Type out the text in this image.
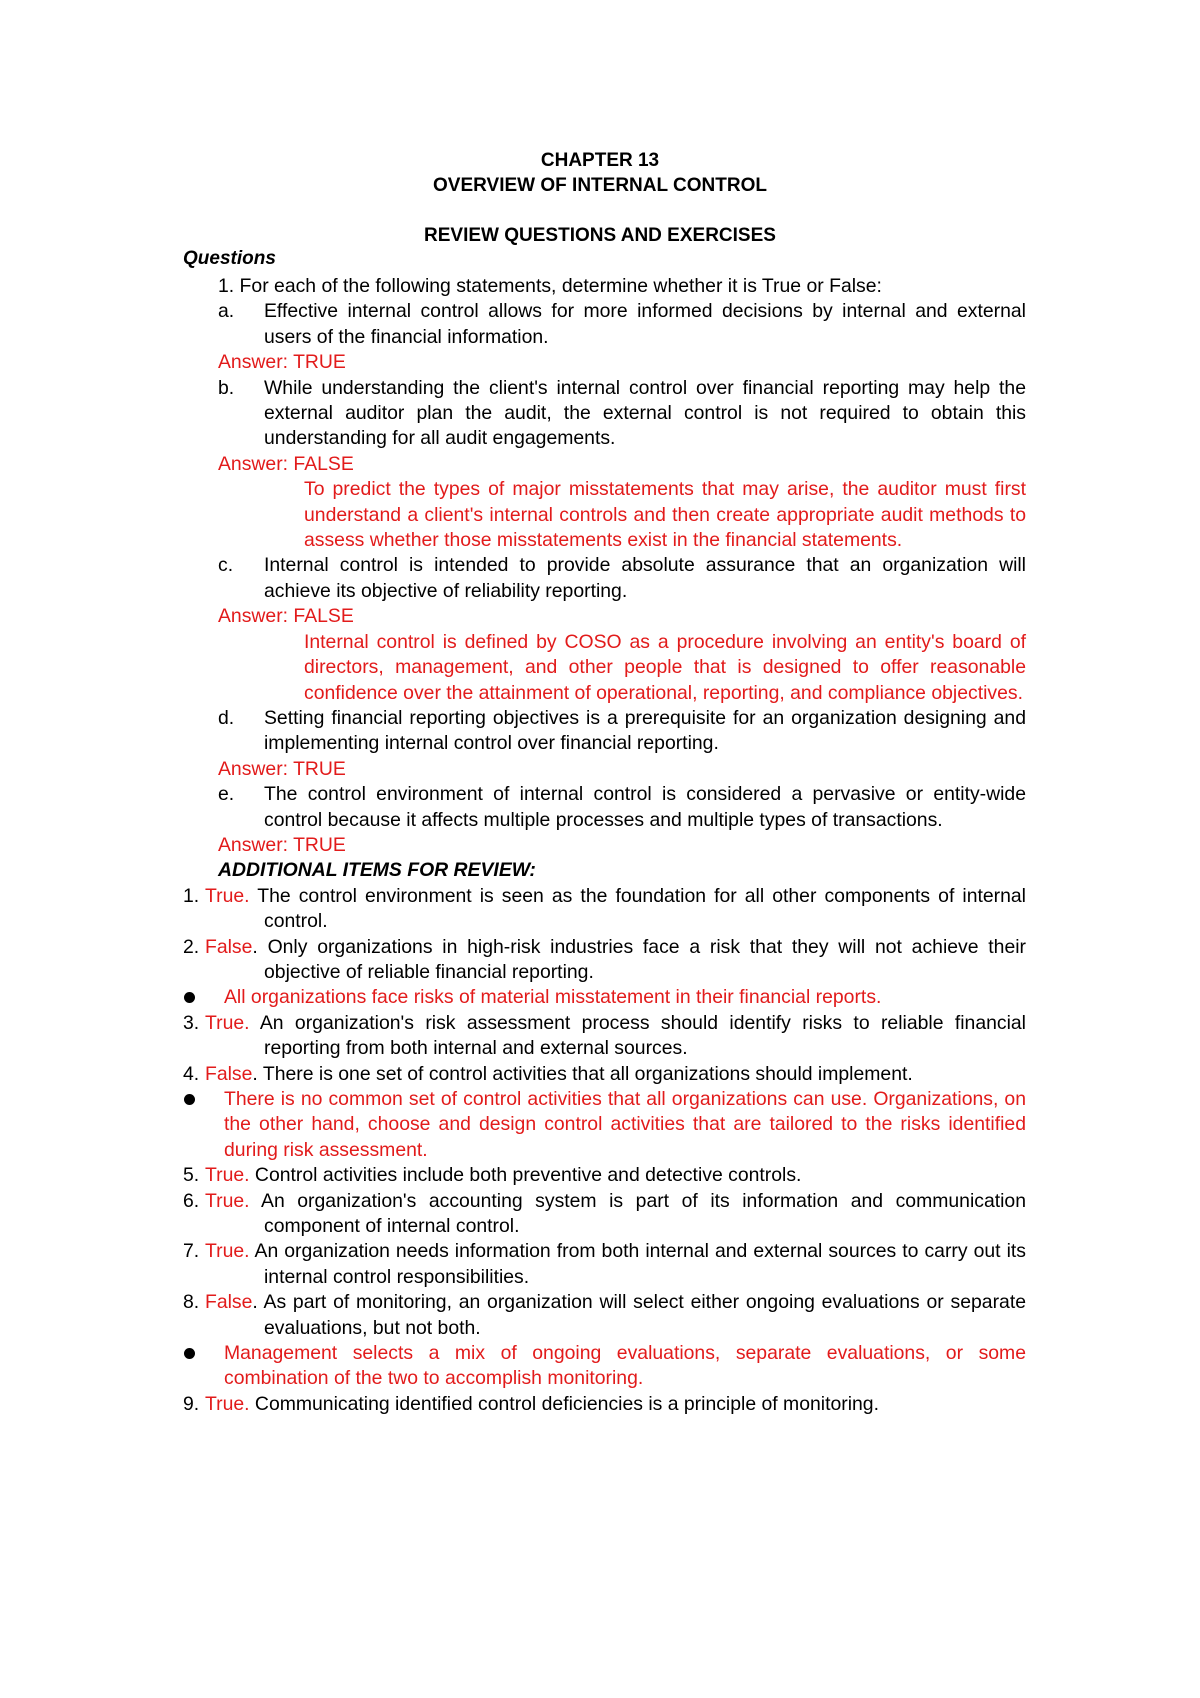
CHAPTER 13
OVERVIEW OF INTERNAL CONTROL
REVIEW QUESTIONS AND EXERCISES
Questions
1. For each of the following statements, determine whether it is True or False:
a. Effective internal control allows for more informed decisions by internal and external users of the financial information.
Answer: TRUE
b. While understanding the client's internal control over financial reporting may help the external auditor plan the audit, the external control is not required to obtain this understanding for all audit engagements.
Answer: FALSE
To predict the types of major misstatements that may arise, the auditor must first understand a client's internal controls and then create appropriate audit methods to assess whether those misstatements exist in the financial statements.
c. Internal control is intended to provide absolute assurance that an organization will achieve its objective of reliability reporting.
Answer: FALSE
Internal control is defined by COSO as a procedure involving an entity's board of directors, management, and other people that is designed to offer reasonable confidence over the attainment of operational, reporting, and compliance objectives.
d. Setting financial reporting objectives is a prerequisite for an organization designing and implementing internal control over financial reporting.
Answer: TRUE
e. The control environment of internal control is considered a pervasive or entity-wide control because it affects multiple processes and multiple types of transactions.
Answer: TRUE
ADDITIONAL ITEMS FOR REVIEW:
1. True. The control environment is seen as the foundation for all other components of internal control.
2. False. Only organizations in high-risk industries face a risk that they will not achieve their objective of reliable financial reporting.
All organizations face risks of material misstatement in their financial reports.
3. True. An organization's risk assessment process should identify risks to reliable financial reporting from both internal and external sources.
4. False. There is one set of control activities that all organizations should implement.
There is no common set of control activities that all organizations can use. Organizations, on the other hand, choose and design control activities that are tailored to the risks identified during risk assessment.
5. True. Control activities include both preventive and detective controls.
6. True. An organization's accounting system is part of its information and communication component of internal control.
7. True. An organization needs information from both internal and external sources to carry out its internal control responsibilities.
8. False. As part of monitoring, an organization will select either ongoing evaluations or separate evaluations, but not both.
Management selects a mix of ongoing evaluations, separate evaluations, or some combination of the two to accomplish monitoring.
9. True. Communicating identified control deficiencies is a principle of monitoring.
